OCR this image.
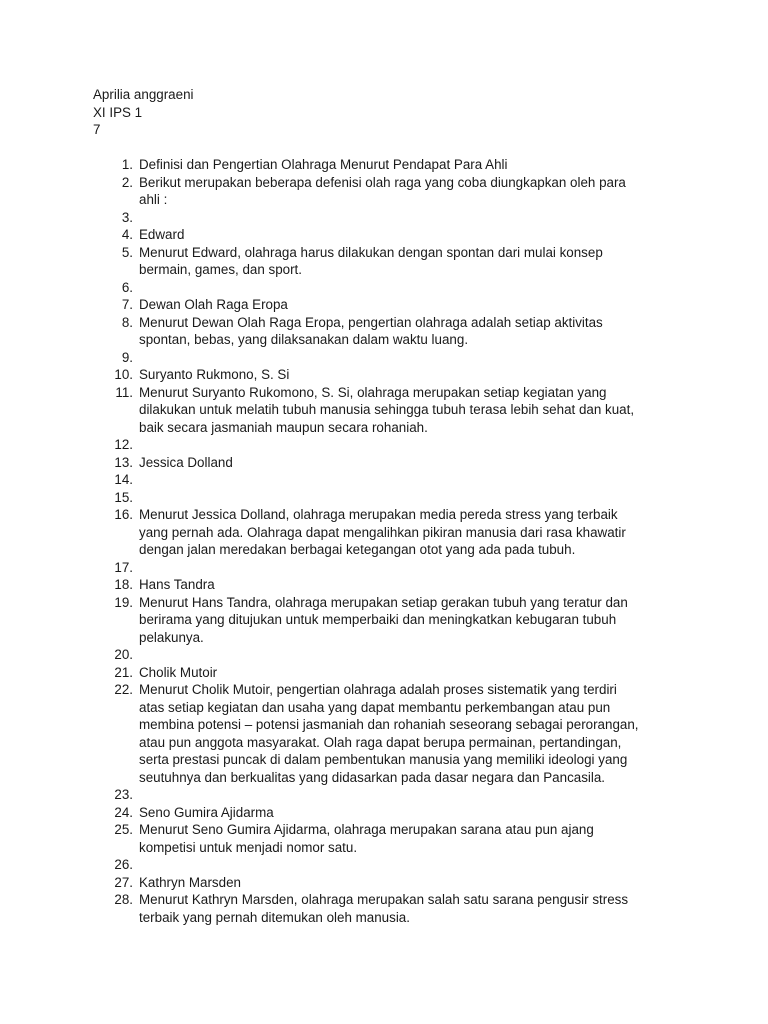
Aprilia anggraeni
XI IPS 1
7
1. Definisi dan Pengertian Olahraga Menurut Pendapat Para Ahli
2. Berikut merupakan beberapa defenisi olah raga yang coba diungkapkan oleh para
ahli :
3.
4. Edward
5. Menurut Edward, olahraga harus dilakukan dengan spontan dari mulai konsep
bermain, games, dan sport.
6.
7. Dewan Olah Raga Eropa
8. Menurut Dewan Olah Raga Eropa, pengertian olahraga adalah setiap aktivitas
spontan, bebas, yang dilaksanakan dalam waktu luang.
9.
10. Suryanto Rukmono, S. Si
11. Menurut Suryanto Rukomono, S. Si, olahraga merupakan setiap kegiatan yang
dilakukan untuk melatih tubuh manusia sehingga tubuh terasa lebih sehat dan kuat,
baik secara jasmaniah maupun secara rohaniah.
12.
13. Jessica Dolland
14.
15.
16. Menurut Jessica Dolland, olahraga merupakan media pereda stress yang terbaik
yang pernah ada. Olahraga dapat mengalihkan pikiran manusia dari rasa khawatir
dengan jalan meredakan berbagai ketegangan otot yang ada pada tubuh.
17.
18. Hans Tandra
19. Menurut Hans Tandra, olahraga merupakan setiap gerakan tubuh yang teratur dan
berirama yang ditujukan untuk memperbaiki dan meningkatkan kebugaran tubuh
pelakunya.
20.
21. Cholik Mutoir
22. Menurut Cholik Mutoir, pengertian olahraga adalah proses sistematik yang terdiri
atas setiap kegiatan dan usaha yang dapat membantu perkembangan atau pun
membina potensi – potensi jasmaniah dan rohaniah seseorang sebagai perorangan,
atau pun anggota masyarakat. Olah raga dapat berupa permainan, pertandingan,
serta prestasi puncak di dalam pembentukan manusia yang memiliki ideologi yang
seutuhnya dan berkualitas yang didasarkan pada dasar negara dan Pancasila.
23.
24. Seno Gumira Ajidarma
25. Menurut Seno Gumira Ajidarma, olahraga merupakan sarana atau pun ajang
kompetisi untuk menjadi nomor satu.
26.
27. Kathryn Marsden
28. Menurut Kathryn Marsden, olahraga merupakan salah satu sarana pengusir stress
terbaik yang pernah ditemukan oleh manusia.
